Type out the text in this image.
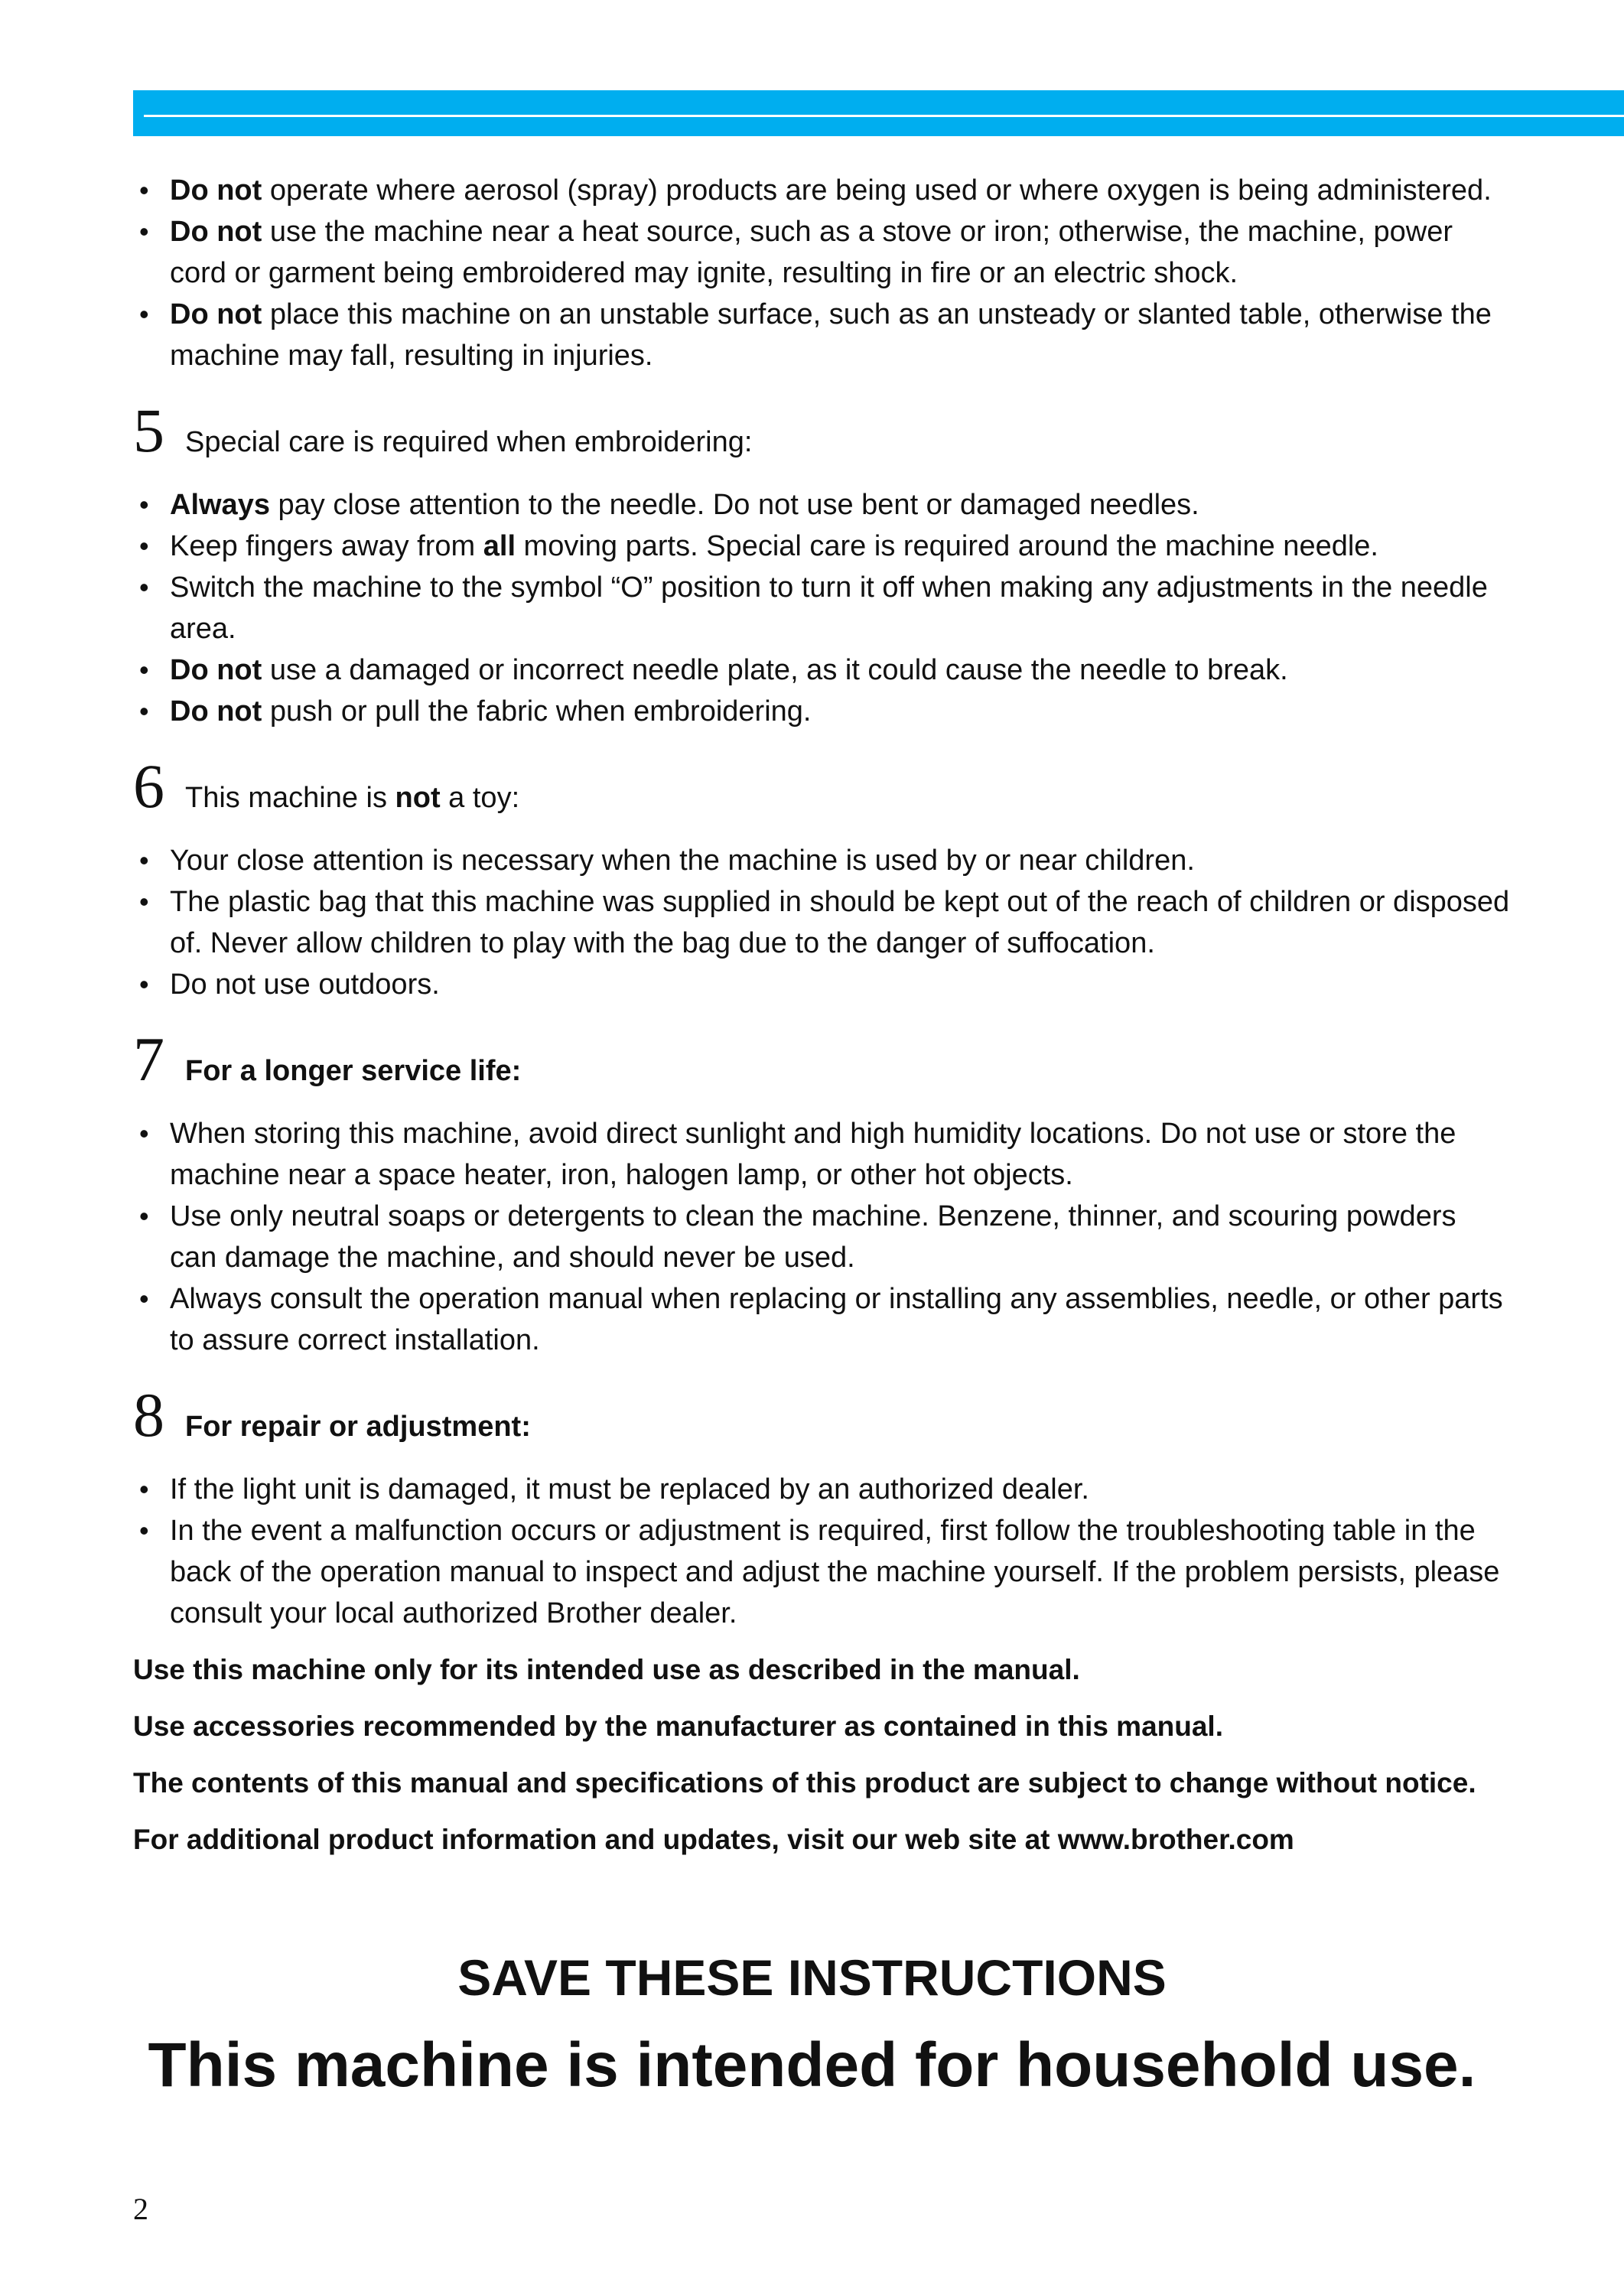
• Do not operate where aerosol (spray) products are being used or where oxygen is being administered.
• Do not use the machine near a heat source, such as a stove or iron; otherwise, the machine, power cord or garment being embroidered may ignite, resulting in fire or an electric shock.
• Do not place this machine on an unstable surface, such as an unsteady or slanted table, otherwise the machine may fall, resulting in injuries.
5 Special care is required when embroidering:
• Always pay close attention to the needle. Do not use bent or damaged needles.
• Keep fingers away from all moving parts. Special care is required around the machine needle.
• Switch the machine to the symbol “O” position to turn it off when making any adjustments in the needle area.
• Do not use a damaged or incorrect needle plate, as it could cause the needle to break.
• Do not push or pull the fabric when embroidering.
6 This machine is not a toy:
• Your close attention is necessary when the machine is used by or near children.
• The plastic bag that this machine was supplied in should be kept out of the reach of children or disposed of. Never allow children to play with the bag due to the danger of suffocation.
• Do not use outdoors.
7 For a longer service life:
• When storing this machine, avoid direct sunlight and high humidity locations. Do not use or store the machine near a space heater, iron, halogen lamp, or other hot objects.
• Use only neutral soaps or detergents to clean the machine. Benzene, thinner, and scouring powders can damage the machine, and should never be used.
• Always consult the operation manual when replacing or installing any assemblies, needle, or other parts to assure correct installation.
8 For repair or adjustment:
• If the light unit is damaged, it must be replaced by an authorized dealer.
• In the event a malfunction occurs or adjustment is required, first follow the troubleshooting table in the back of the operation manual to inspect and adjust the machine yourself. If the problem persists, please consult your local authorized Brother dealer.

Use this machine only for its intended use as described in the manual.

Use accessories recommended by the manufacturer as contained in this manual.

The contents of this manual and specifications of this product are subject to change without notice.

For additional product information and updates, visit our web site at www.brother.com

SAVE THESE INSTRUCTIONS
This machine is intended for household use.
2
